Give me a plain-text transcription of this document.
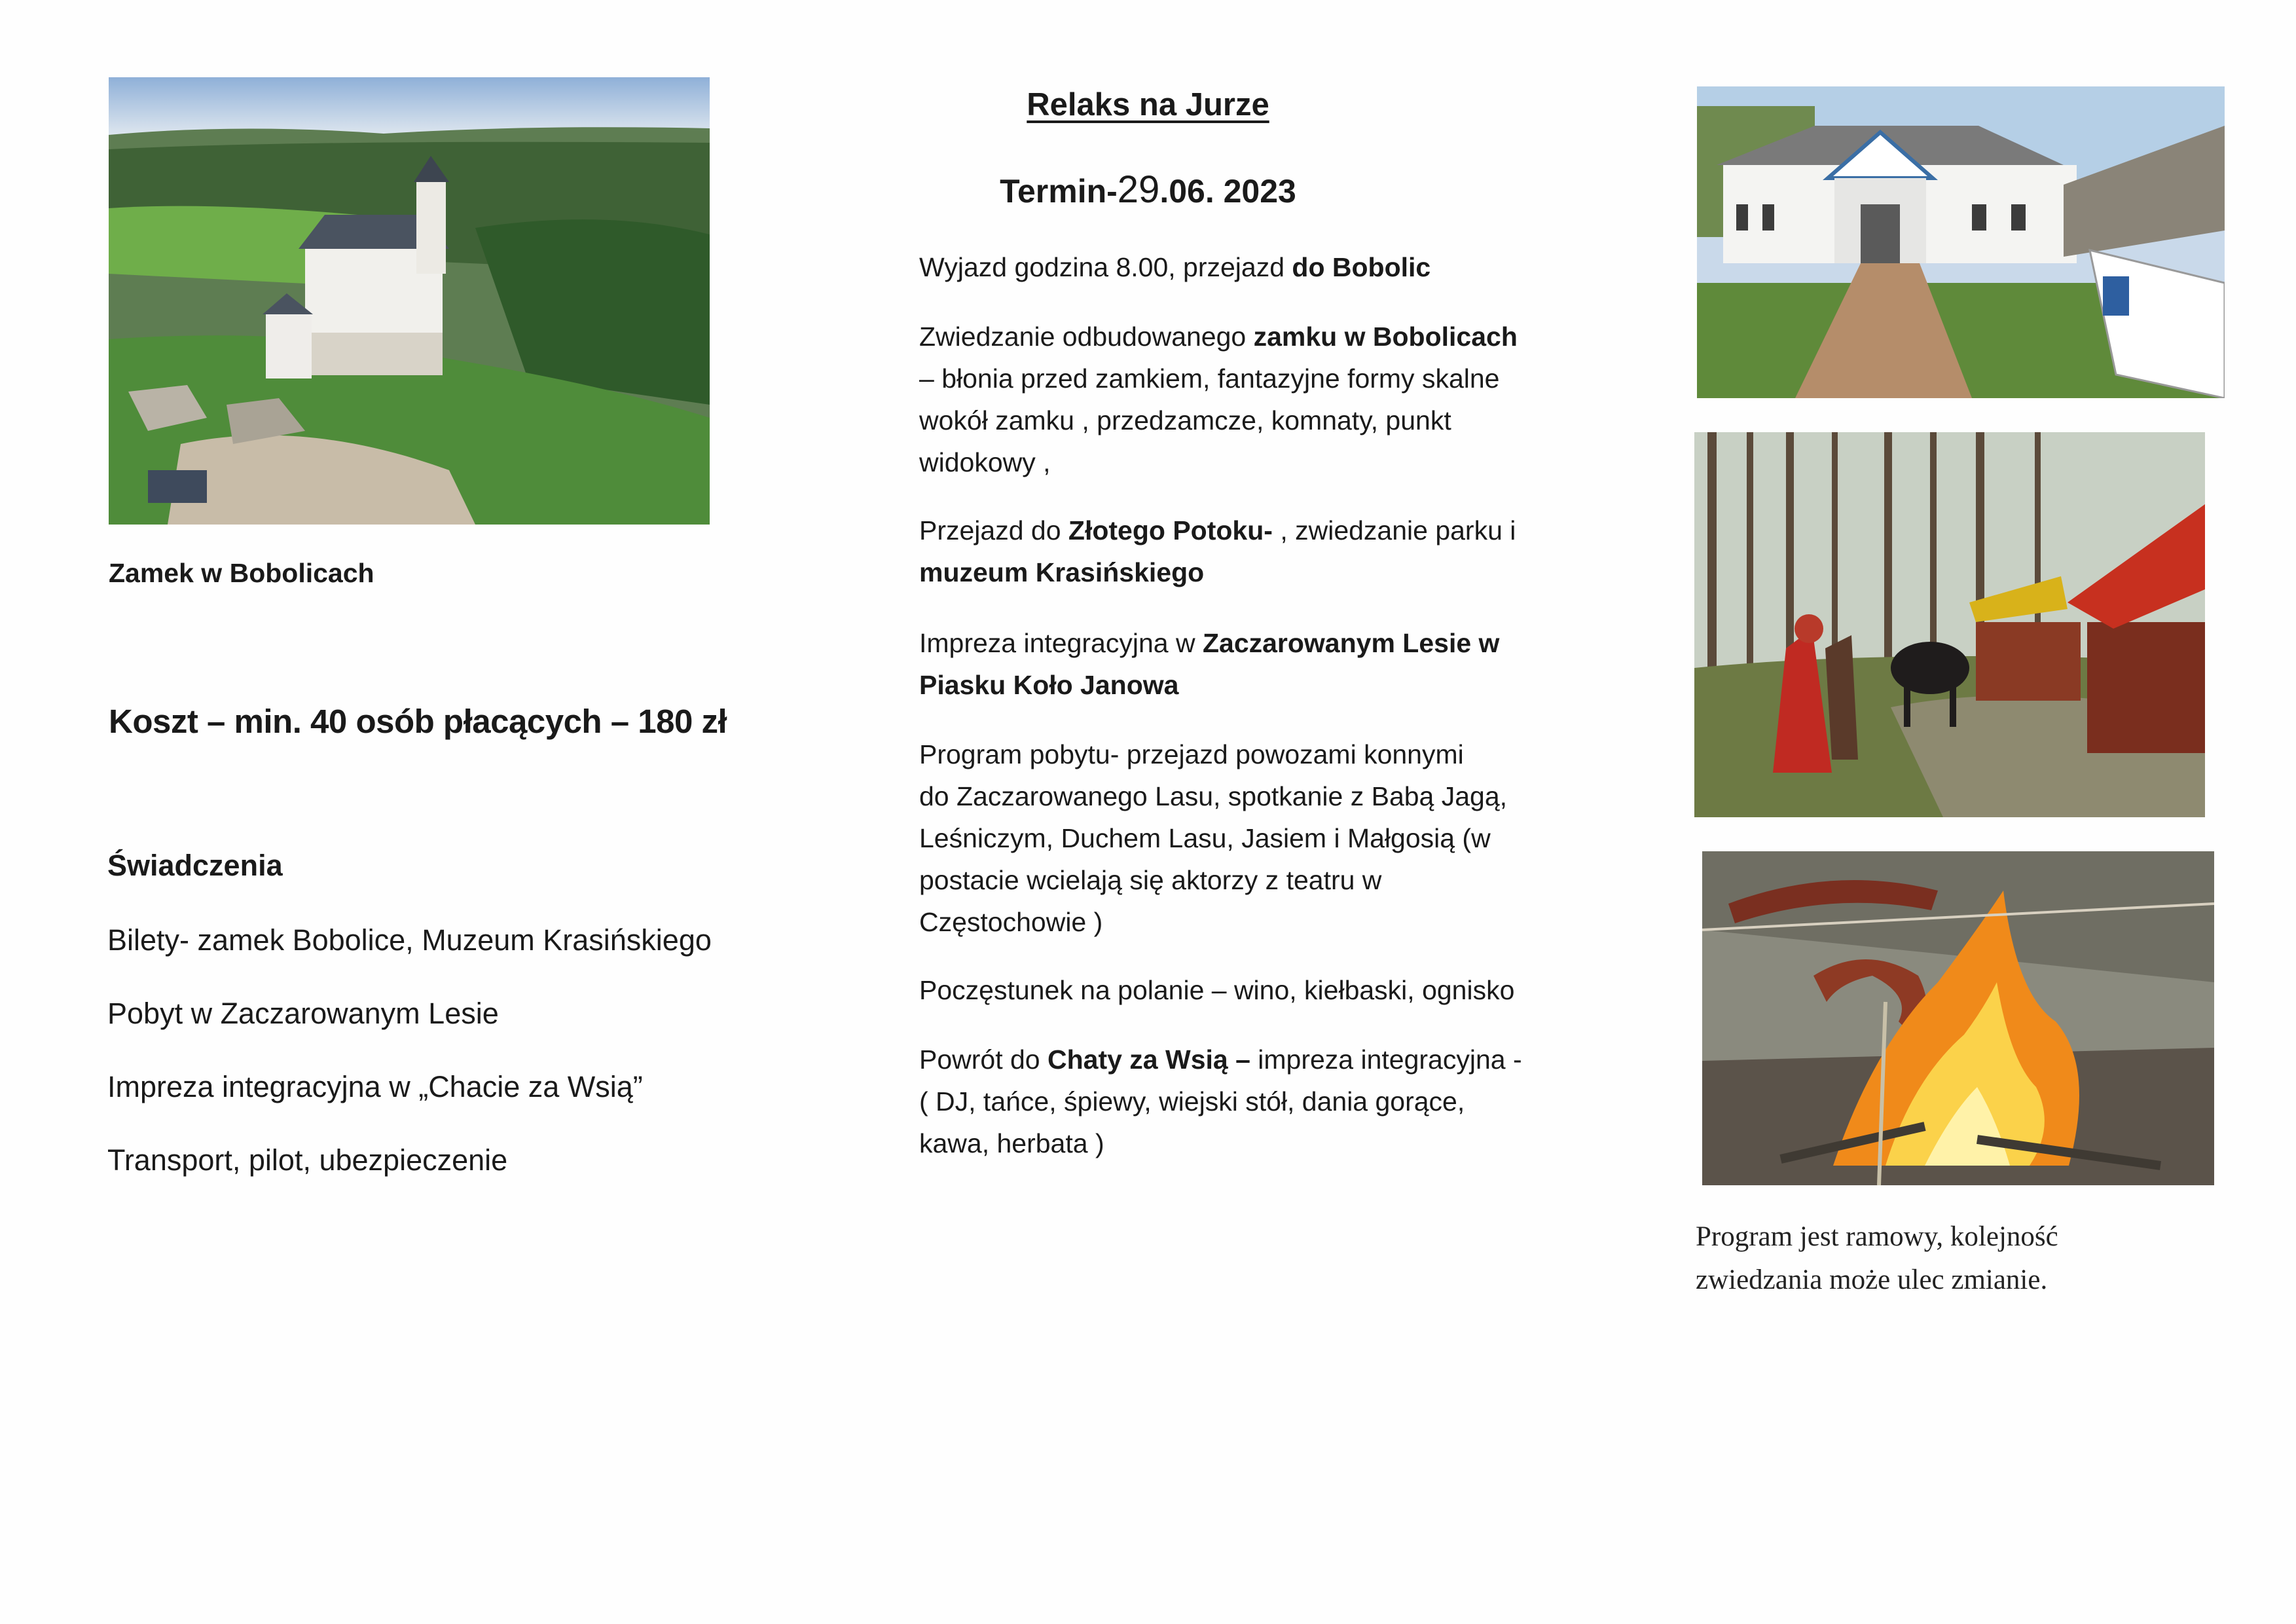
Zamek w Bobolicach
Koszt – min. 40 osób płacących – 180 zł
Świadczenia
Bilety- zamek Bobolice, Muzeum Krasińskiego
Pobyt w Zaczarowanym Lesie
Impreza integracyjna w „Chacie za Wsią”
Transport, pilot, ubezpieczenie
Relaks na Jurze
Termin-29.06. 2023
Wyjazd godzina 8.00, przejazd do Bobolic
Zwiedzanie odbudowanego zamku w Bobolicach
– błonia przed zamkiem, fantazyjne formy skalne
wokół zamku , przedzamcze, komnaty, punkt
widokowy ,
Przejazd do Złotego Potoku- , zwiedzanie parku i
muzeum Krasińskiego
Impreza integracyjna w Zaczarowanym Lesie w
Piasku Koło Janowa
Program pobytu- przejazd powozami konnymi
do Zaczarowanego Lasu, spotkanie z Babą Jagą,
Leśniczym, Duchem Lasu, Jasiem i Małgosią (w
postacie wcielają się aktorzy z teatru w
Częstochowie )
Poczęstunek na polanie – wino, kiełbaski, ognisko
Powrót do Chaty za Wsią – impreza integracyjna -
( DJ, tańce, śpiewy, wiejski stół, dania gorące,
kawa, herbata )
Program jest ramowy, kolejność
zwiedzania może ulec zmianie.
